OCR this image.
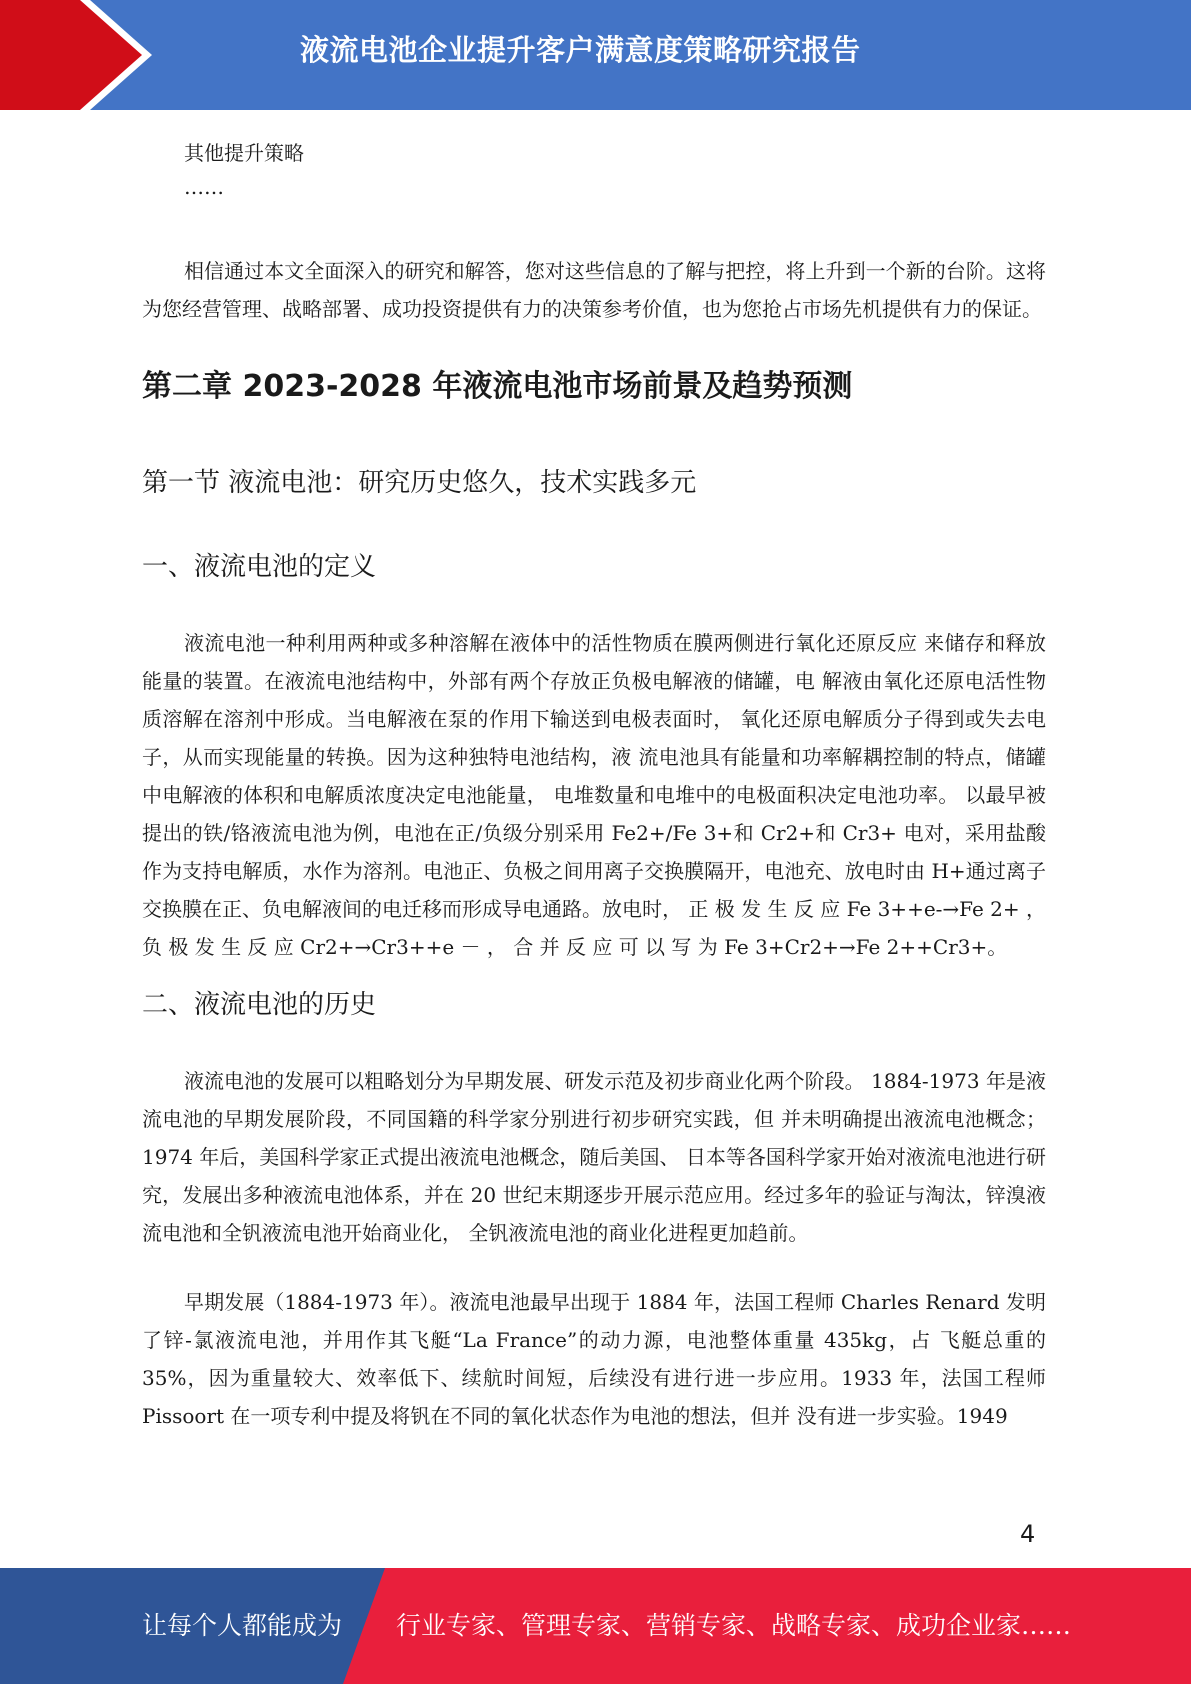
液流电池企业提升客户满意度策略研究报告

其他提升策略

……

相信通过本文全面深入的研究和解答，您对这些信息的了解与把控，将上升到一个新的台阶。这将为您经营管理、战略部署、成功投资提供有力的决策参考价值，也为您抢占市场先机提供有力的保证。

第二章 2023-2028 年液流电池市场前景及趋势预测
第一节 液流电池：研究历史悠久，技术实践多元
一、液流电池的定义

液流电池一种利用两种或多种溶解在液体中的活性物质在膜两侧进行氧化还原反应 来储存和释放能量的装置。在液流电池结构中，外部有两个存放正负极电解液的储罐，电 解液由氧化还原电活性物质溶解在溶剂中形成。当电解液在泵的作用下输送到电极表面时， 氧化还原电解质分子得到或失去电子，从而实现能量的转换。因为这种独特电池结构，液 流电池具有能量和功率解耦控制的特点，储罐中电解液的体积和电解质浓度决定电池能量， 电堆数量和电堆中的电极面积决定电池功率。 以最早被提出的铁/铬液流电池为例，电池在正/负级分别采用 Fe2+/Fe 3+和 Cr2+和 Cr3+ 电对，采用盐酸作为支持电解质，水作为溶剂。电池正、负极之间用离子交换膜隔开，电池充、放电时由 H+通过离子交换膜在正、负电解液间的电迁移而形成导电通路。放电时， 正 极 发 生 反 应 Fe 3++e-→Fe 2+ ， 负 极 发 生 反 应 Cr2+→Cr3++e － ， 合 并 反 应 可 以 写 为 Fe 3+Cr2+→Fe 2++Cr3+。

二、液流电池的历史

液流电池的发展可以粗略划分为早期发展、研发示范及初步商业化两个阶段。 1884-1973 年是液流电池的早期发展阶段，不同国籍的科学家分别进行初步研究实践，但 并未明确提出液流电池概念；1974 年后，美国科学家正式提出液流电池概念，随后美国、 日本等各国科学家开始对液流电池进行研究，发展出多种液流电池体系，并在 20 世纪末期逐步开展示范应用。经过多年的验证与淘汰，锌溴液流电池和全钒液流电池开始商业化， 全钒液流电池的商业化进程更加趋前。

早期发展（1884-1973 年）。液流电池最早出现于 1884 年，法国工程师 Charles Renard 发明了锌-氯液流电池，并用作其飞艇“La France”的动力源，电池整体重量 435kg，占 飞艇总重的 35%，因为重量较大、效率低下、续航时间短，后续没有进行进一步应用。1933 年，法国工程师 Pissoort 在一项专利中提及将钒在不同的氧化状态作为电池的想法，但并 没有进一步实验。1949

4
让每个人都能成为 行业专家、管理专家、营销专家、战略专家、成功企业家……
